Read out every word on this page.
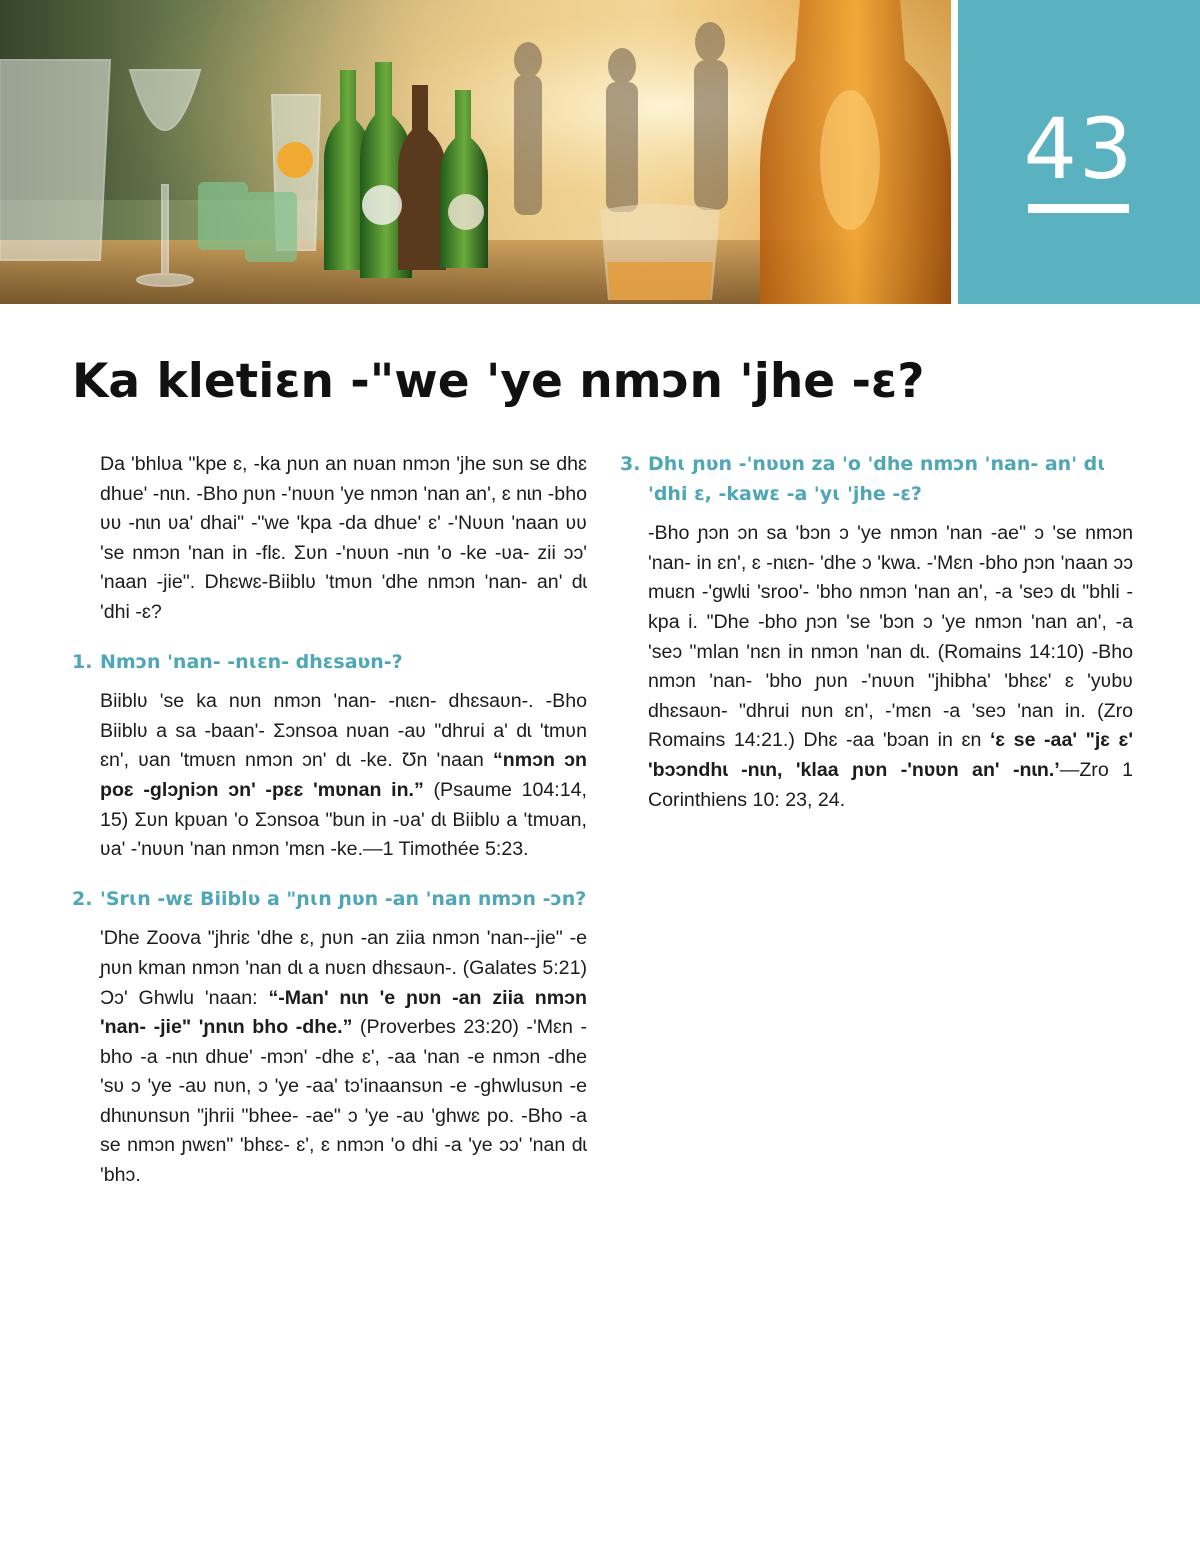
43
Ka kletiɛn -"we 'ye nmɔn 'jhe -ɛ?

Da 'bhlʋa "kpe ɛ, -ka ɲʋn an nʋan nmɔn 'jhe sʋn se dhɛ dhue' -nɩn. -Bho ɲʋn -'nʋʋn 'ye nmɔn 'nan an', ɛ nɩn -bho ʋʋ -nɩn ʋa' dhai" -"we 'kpa -da dhue' ɛ' -'Nʋʋn 'naan ʋʋ 'se nmɔn 'nan in -flɛ. Ʃʋn -'nʋʋn -nɩn 'o -ke -ʋa- zii ɔɔ' 'naan -jie". Dhɛwɛ-Biiblʋ 'tmʋn 'dhe nmɔn 'nan- an' dɩ 'dhi -ɛ?

1. Nmɔn 'nan- -nɩɛn- dhɛsaʋn-?

Biiblʋ 'se ka nʋn nmɔn 'nan- -nɩɛn- dhɛsaʋn-. -Bho Biiblʋ a sa -baan'- Ʃɔnsoa nʋan -aʋ "dhrui a' dɩ 'tmʋn ɛn', ʋan 'tmʋɛn nmɔn ɔn' dɩ -ke. Ʊn 'naan “nmɔn ɔn poɛ -glɔɲiɔn ɔn' -pɛɛ 'mʋnan in.” (Psaume 104:14, 15) Ʃʋn kpʋan 'o Ʃɔnsoa "bun in -ʋa' dɩ Biiblʋ a 'tmʋan, ʋa' -'nʋʋn 'nan nmɔn 'mɛn -ke.—1 Timothée 5:23.

2. 'Srɩn -wɛ Biiblʋ a "ɲɩn ɲʋn -an 'nan nmɔn -ɔn?

'Dhe Zoova "jhriɛ 'dhe ɛ, ɲʋn -an ziia nmɔn 'nan--jie" -e ɲʋn kman nmɔn 'nan dɩ a nʋɛn dhɛsaʋn-. (Galates 5:21) Ɔɔ' Ghwlu 'naan: “-Man' nɩn 'e ɲʋn -an ziia nmɔn 'nan- -jie" 'ɲnɩn bho -dhe.” (Proverbes 23:20) -'Mɛn -bho -a -nɩn dhue' -mɔn' -dhe ɛ', -aa 'nan -e nmɔn -dhe 'sʋ ɔ 'ye -aʋ nʋn, ɔ 'ye -aa' tɔ'inaansʋn -e -ghwlusʋn -e dhɩnʋnsʋn "jhrii "bhee- -ae" ɔ 'ye -aʋ 'ghwɛ po. -Bho -a se nmɔn ɲwɛn" 'bhɛɛ- ɛ', ɛ nmɔn 'o dhi -a 'ye ɔɔ' 'nan dɩ 'bhɔ.

3. Dhɩ ɲʋn -'nʋʋn za 'o 'dhe nmɔn 'nan- an' dɩ 'dhi ɛ, -kawɛ -a 'yɩ 'jhe -ɛ?

-Bho ɲɔn ɔn sa 'bɔn ɔ 'ye nmɔn 'nan -ae" ɔ 'se nmɔn 'nan- in ɛn', ɛ -nɩɛn- 'dhe ɔ 'kwa. -'Mɛn -bho ɲɔn 'naan ɔɔ muɛn -'gwlɩi 'sroo'- 'bho nmɔn 'nan an', -a 'seɔ dɩ "bhli -kpa i. "Dhe -bho ɲɔn 'se 'bɔn ɔ 'ye nmɔn 'nan an', -a 'seɔ "mlan 'nɛn in nmɔn 'nan dɩ. (Romains 14:10) -Bho nmɔn 'nan- 'bho ɲʋn -'nʋʋn "jhibha' 'bhɛɛ' ɛ 'yʋbʋ dhɛsaʋn- "dhrui nʋn ɛn', -'mɛn -a 'seɔ 'nan in. (Zro Romains 14:21.) Dhɛ -aa 'bɔan in ɛn ‘ɛ se -aa' "jɛ ɛ' 'bɔɔndhɩ -nɩn, 'klaa ɲʋn -'nʋʋn an' -nɩn.’—Zro 1 Corinthiens 10: 23, 24.
